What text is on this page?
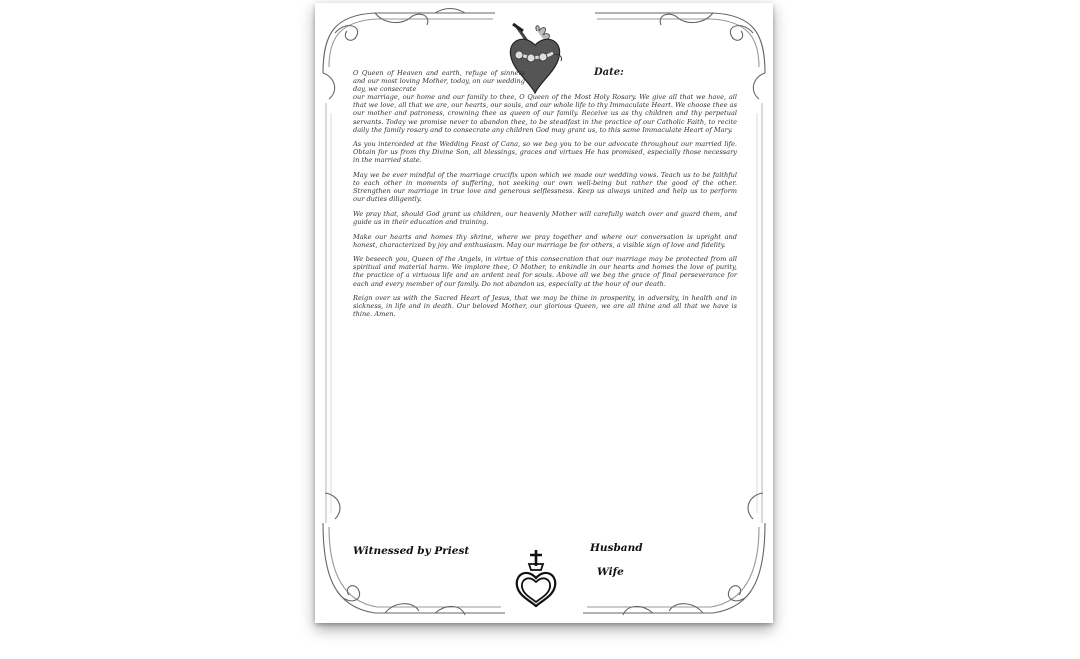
Date:
O Queen of Heaven and earth, refuge of sinners and our most loving Mother, today, on our wedding day, we consecrate

our marriage, our home and our family to thee, O Queen of the Most Holy Rosary. We give all that we have, all that we love, all that we are, our hearts, our souls, and our whole life to thy Immaculate Heart. We choose thee as our mother and patroness, crowning thee as queen of our family. Receive us as thy children and thy perpetual servants. Today we promise never to abandon thee, to be steadfast in the practice of our Catholic Faith, to recite daily the family rosary and to consecrate any children God may grant us, to this same Immaculate Heart of Mary.

As you interceded at the Wedding Feast of Cana, so we beg you to be our advocate throughout our married life. Obtain for us from thy Divine Son, all blessings, graces and virtues He has promised, especially those necessary in the married state.

May we be ever mindful of the marriage crucifix upon which we made our wedding vows. Teach us to be faithful to each other in moments of suffering, not seeking our own well-being but rather the good of the other. Strengthen our marriage in true love and generous selflessness. Keep us always united and help us to perform our duties diligently.

We pray that, should God grant us children, our heavenly Mother will carefully watch over and guard them, and guide us in their education and training.

Make our hearts and homes thy shrine, where we pray together and where our conversation is upright and honest, characterized by joy and enthusiasm. May our marriage be for others, a visible sign of love and fidelity.

We beseech you, Queen of the Angels, in virtue of this consecration that our marriage may be protected from all spiritual and material harm. We implore thee, O Mother, to enkindle in our hearts and homes the love of purity, the practice of a virtuous life and an ardent zeal for souls. Above all we beg the grace of final perseverance for each and every member of our family. Do not abandon us, especially at the hour of our death.

Reign over us with the Sacred Heart of Jesus, that we may be thine in prosperity, in adversity, in health and in sickness, in life and in death. Our beloved Mother, our glorious Queen, we are all thine and all that we have is thine. Amen.

Witnessed by Priest	Husband
Wife
